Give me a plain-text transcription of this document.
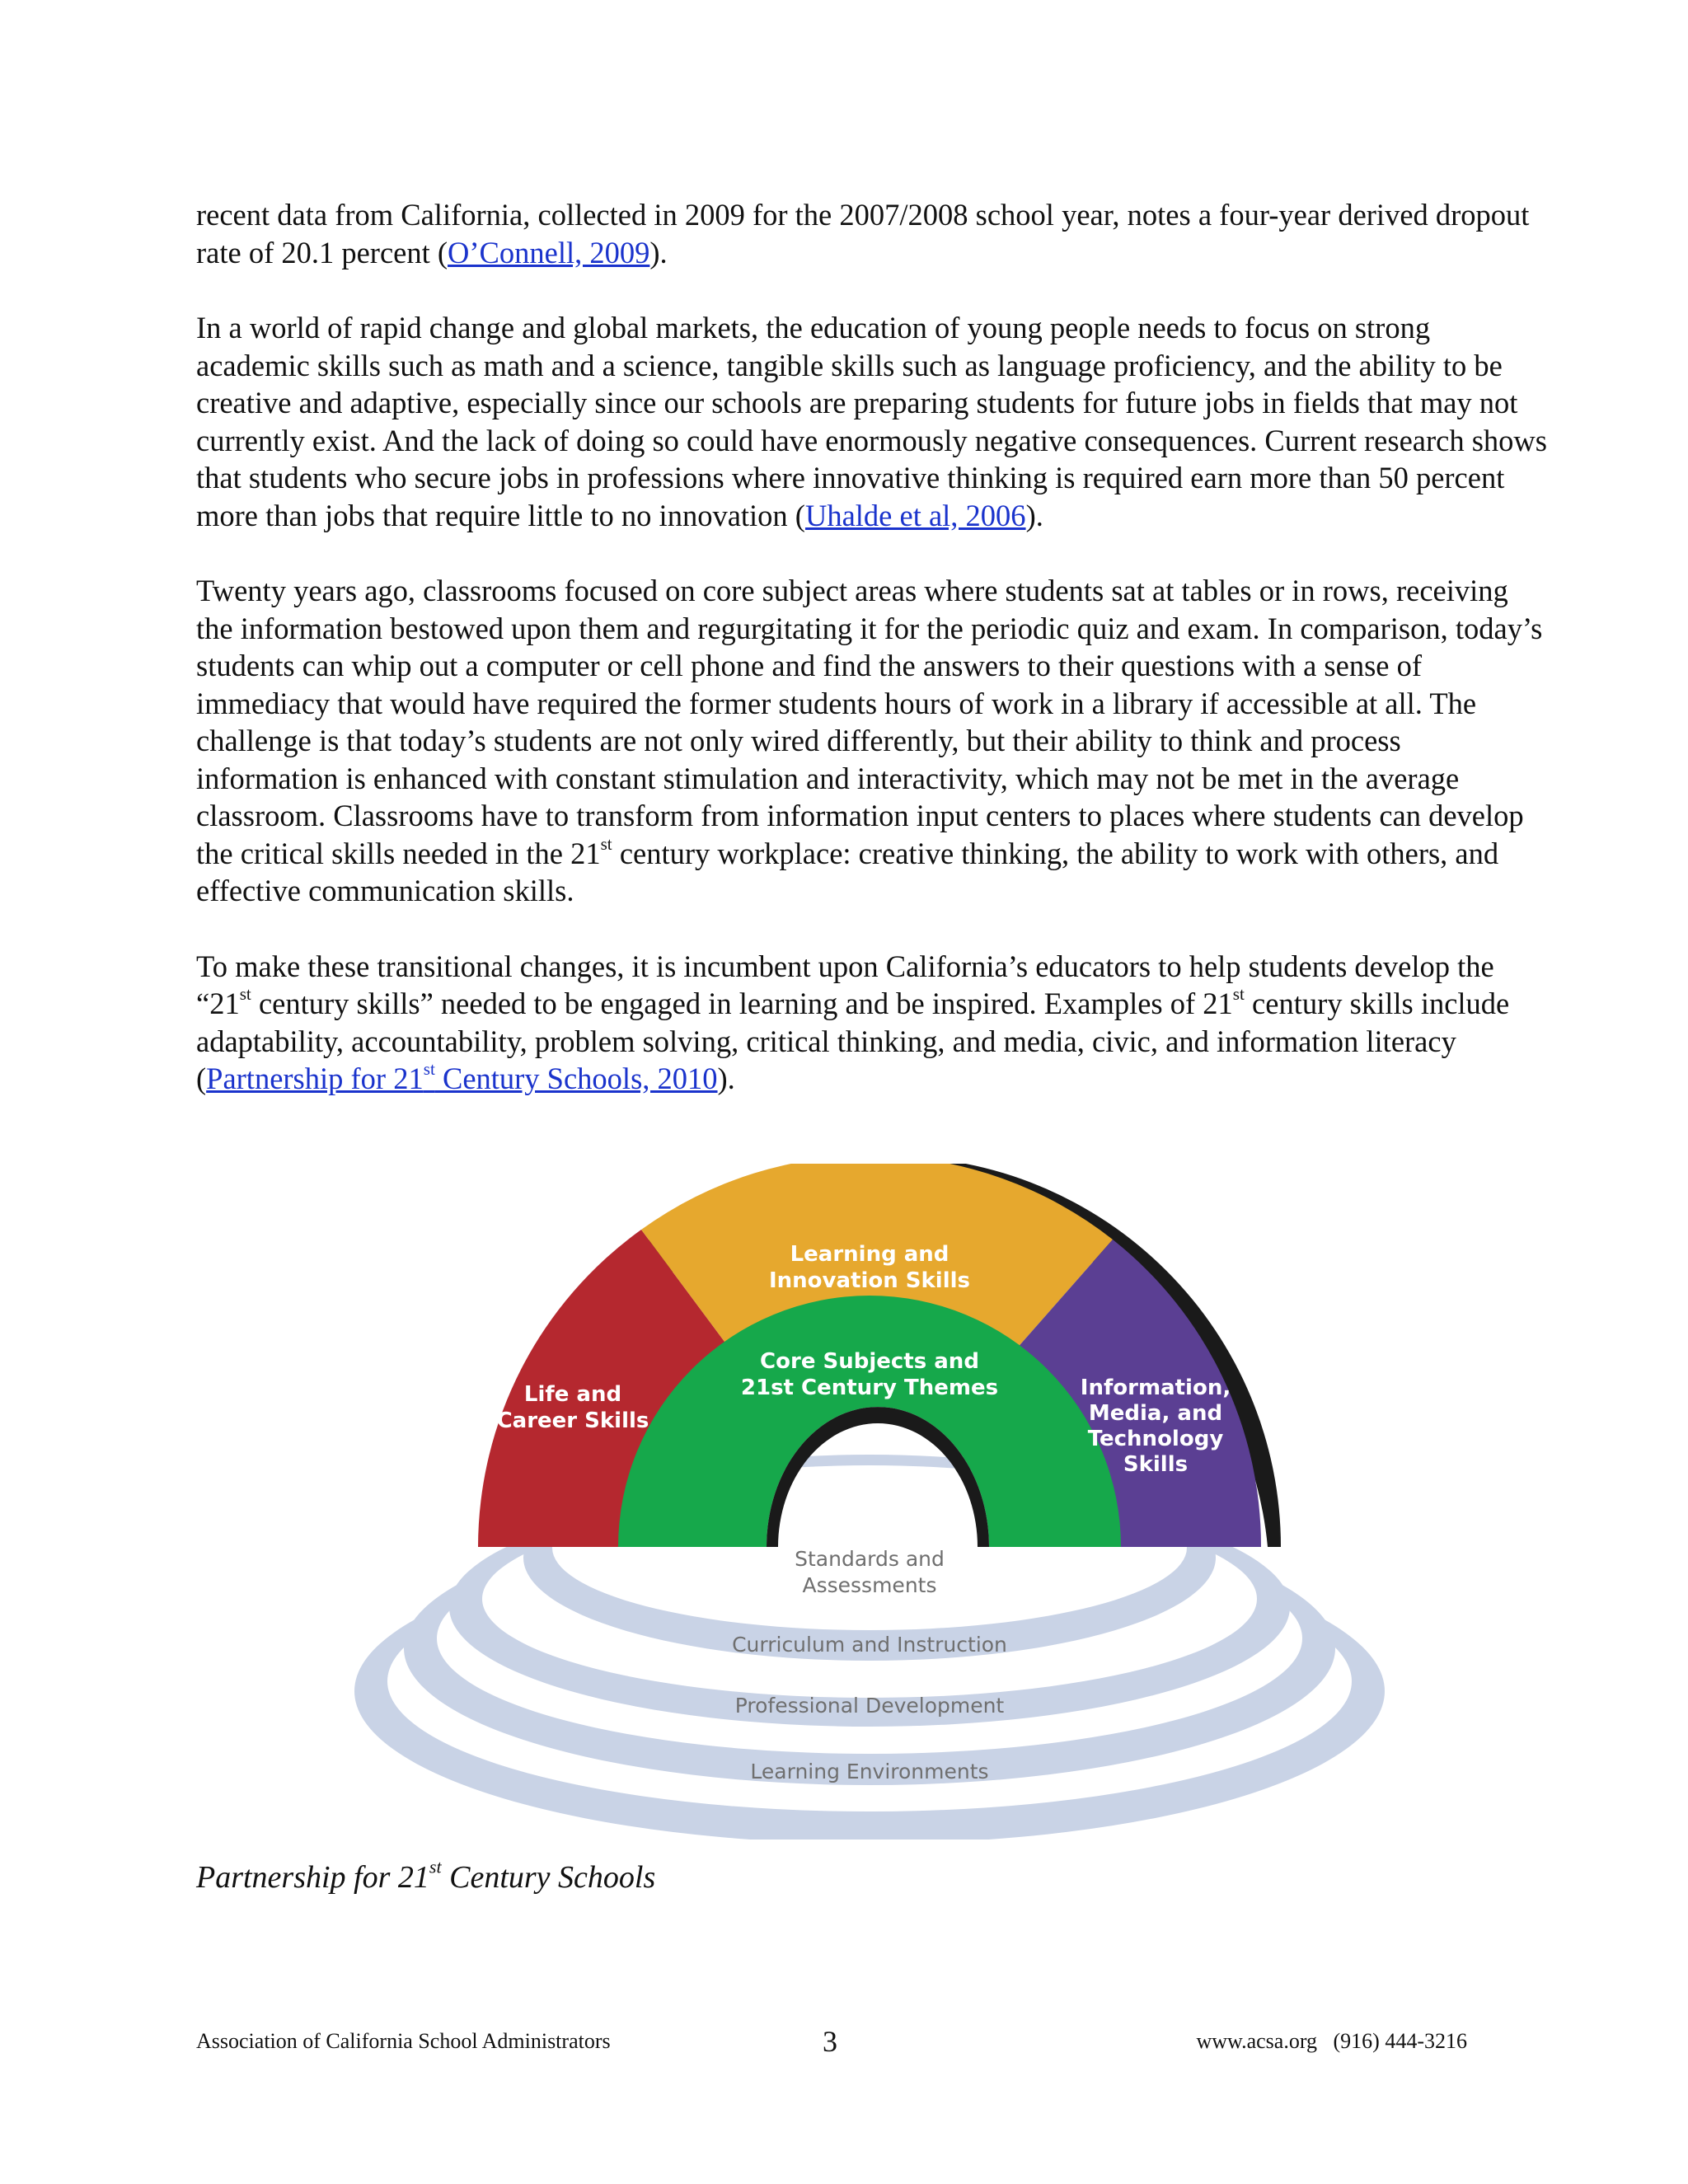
recent data from California, collected in 2009 for the 2007/2008 school year, notes a four-year derived dropout rate of 20.1 percent (O’Connell, 2009).

In a world of rapid change and global markets, the education of young people needs to focus on strong academic skills such as math and a science, tangible skills such as language proficiency, and the ability to be creative and adaptive, especially since our schools are preparing students for future jobs in fields that may not currently exist. And the lack of doing so could have enormously negative consequences. Current research shows that students who secure jobs in professions where innovative thinking is required earn more than 50 percent more than jobs that require little to no innovation (Uhalde et al, 2006).

Twenty years ago, classrooms focused on core subject areas where students sat at tables or in rows, receiving the information bestowed upon them and regurgitating it for the periodic quiz and exam. In comparison, today’s students can whip out a computer or cell phone and find the answers to their questions with a sense of immediacy that would have required the former students hours of work in a library if accessible at all. The challenge is that today’s students are not only wired differently, but their ability to think and process information is enhanced with constant stimulation and interactivity, which may not be met in the average classroom. Classrooms have to transform from information input centers to places where students can develop the critical skills needed in the 21st century workplace: creative thinking, the ability to work with others, and effective communication skills.

To make these transitional changes, it is incumbent upon California’s educators to help students develop the “21st century skills” needed to be engaged in learning and be inspired. Examples of 21st century skills include adaptability, accountability, problem solving, critical thinking, and media, civic, and information literacy (Partnership for 21st Century Schools, 2010).

Learning and
Innovation Skills
Life and
Career Skills
Information,
Media, and
Technology
Skills
Core Subjects and
21st Century Themes
Standards and
Assessments
Curriculum and Instruction
Professional Development
Learning Environments

Partnership for 21st Century Schools

Association of California School Administrators	3	www.acsa.org   (916) 444-3216
